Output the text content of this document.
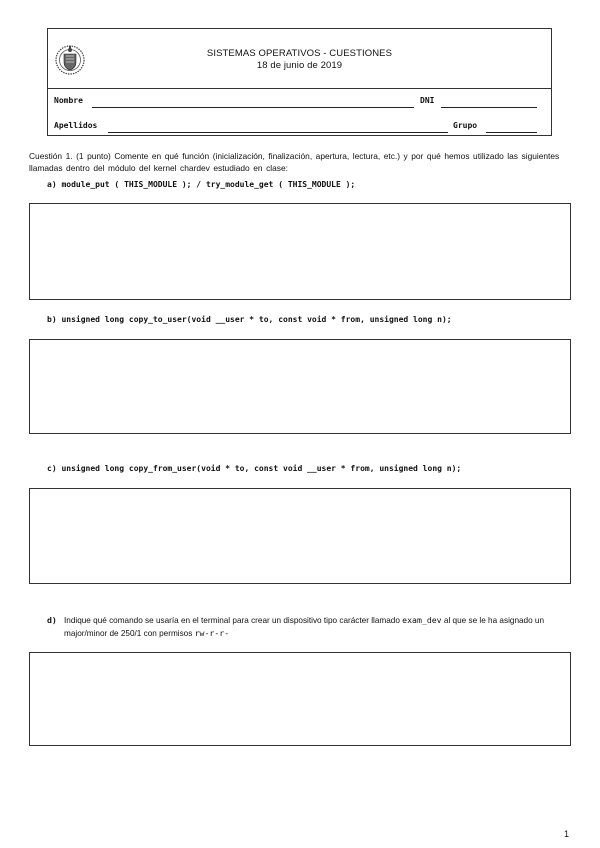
SISTEMAS OPERATIVOS - CUESTIONES
18 de junio de 2019
Nombre	DNI
Apellidos	Grupo
Cuestión 1. (1 punto) Comente en qué función (inicialización, finalización, apertura, lectura, etc.) y por qué hemos utilizado las siguientes llamadas dentro del módulo del kernel chardev estudiado en clase:
a) module_put ( THIS_MODULE ); / try_module_get ( THIS_MODULE );
b) unsigned long copy_to_user(void __user * to, const void * from, unsigned long n);
c) unsigned long copy_from_user(void * to, const void __user * from, unsigned long n);
d) Indique qué comando se usaría en el terminal para crear un dispositivo tipo carácter llamado exam_dev al que se le ha asignado un major/minor de 250/1 con permisos rw-r-r-
1
